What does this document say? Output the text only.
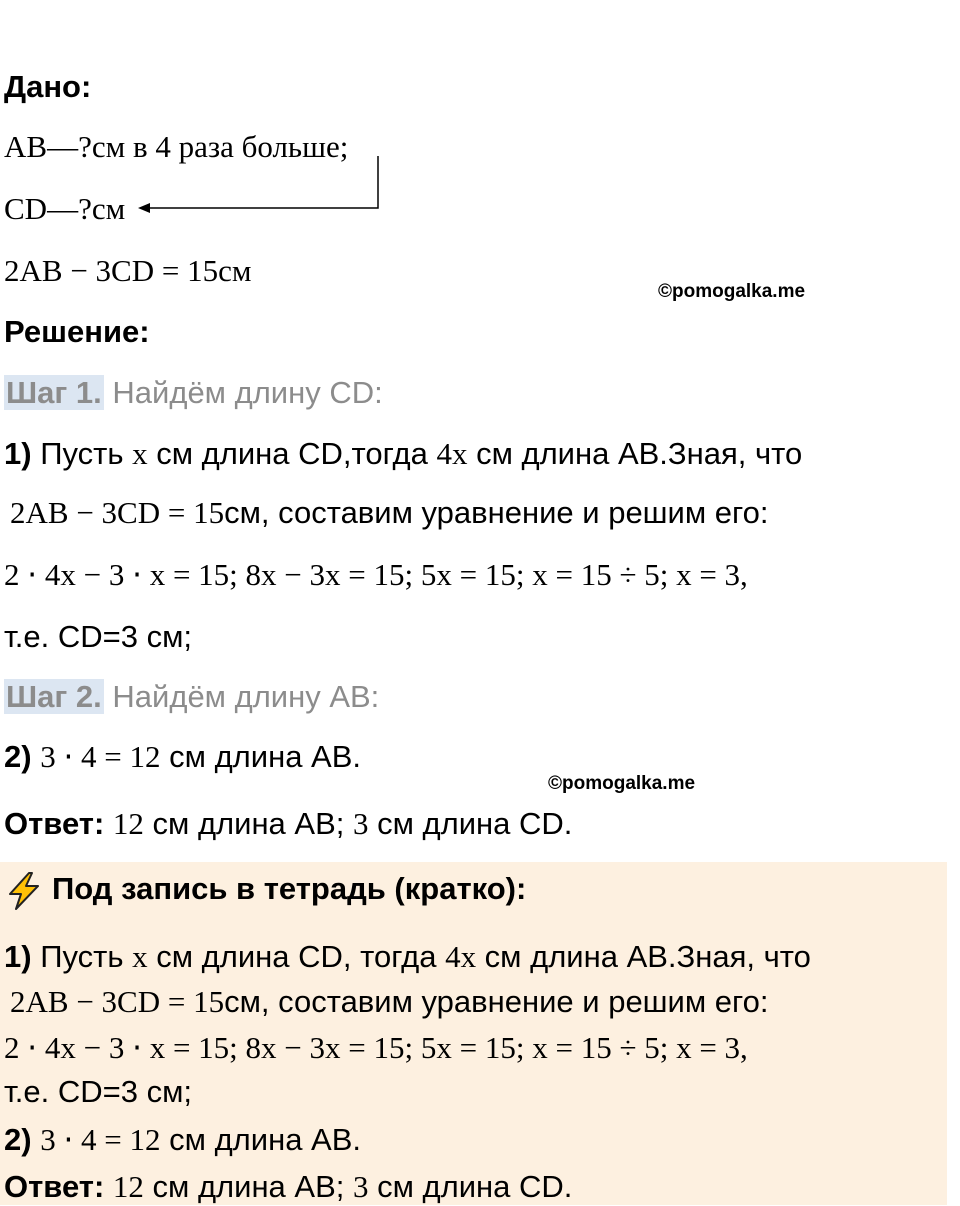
Дано:
AB—?см в 4 раза больше;
CD—?см
2AB − 3CD = 15см
©pomogalka.me
Решение:
Шаг 1. Найдём длину CD:
1) Пусть x см длина CD,тогда 4x см длина AB.Зная, что
2AB − 3CD = 15см, составим уравнение и решим его:
2 ⋅ 4x − 3 ⋅ x = 15; 8x − 3x = 15; 5x = 15; x = 15 ÷ 5; x = 3,
т.е. CD=3 см;
Шаг 2. Найдём длину AB:
2) 3 ⋅ 4 = 12 см длина AB.
©pomogalka.me
Ответ: 12 см длина AB; 3 см длина CD.
Под запись в тетрадь (кратко):
1) Пусть x см длина CD, тогда 4x см длина AB.Зная, что
2AB − 3CD = 15см, составим уравнение и решим его:
2 ⋅ 4x − 3 ⋅ x = 15; 8x − 3x = 15; 5x = 15; x = 15 ÷ 5; x = 3,
т.е. CD=3 см;
2) 3 ⋅ 4 = 12 см длина AB.
Ответ: 12 см длина AB; 3 см длина CD.
